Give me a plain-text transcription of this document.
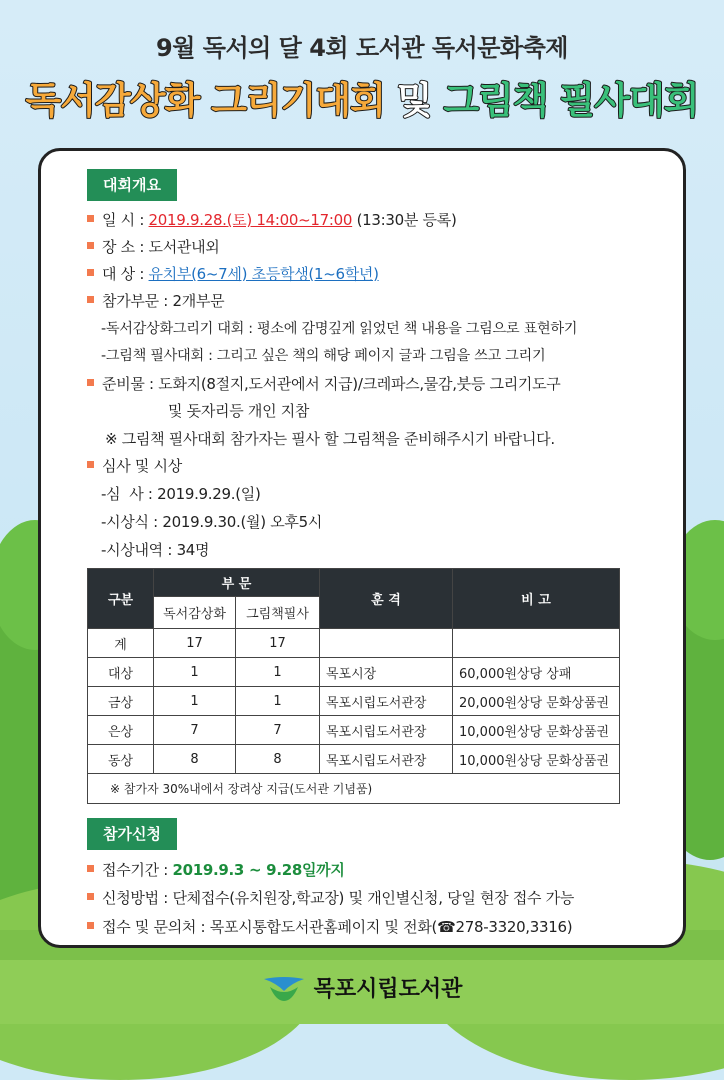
9월 독서의 달 4회 도서관 독서문화축제
독서감상화 그리기대회 및 그림책 필사대회
대회개요
일 시 : 2019.9.28.(토) 14:00~17:00 (13:30분 등록)
장 소 : 도서관내외
대 상 : 유치부(6~7세) 초등학생(1~6학년)
참가부문 : 2개부문
-독서감상화그리기 대회 : 평소에 감명깊게 읽었던 책 내용을 그림으로 표현하기
-그림책 필사대회 : 그리고 싶은 책의 해당 페이지 글과 그림을 쓰고 그리기
준비물 : 도화지(8절지,도서관에서 지급)/크레파스,물감,붓등 그리기도구
및 돗자리등 개인 지참
※ 그림책 필사대회 참가자는 필사 할 그림책을 준비해주시기 바랍니다.
심사 및 시상
-심  사 : 2019.9.29.(일)
-시상식 : 2019.9.30.(월) 오후5시
-시상내역 : 34명
구분	부 문		훈 격	비 고
	독서감상화	그림책필사		
계	17	17		
대상	1	1	목포시장	60,000원상당 상패
금상	1	1	목포시립도서관장	20,000원상당 문화상품권
은상	7	7	목포시립도서관장	10,000원상당 문화상품권
동상	8	8	목포시립도서관장	10,000원상당 문화상품권
※ 참가자 30%내에서 장려상 지급(도서관 기념품)				
참가신청
접수기간 : 2019.9.3 ~ 9.28일까지
신청방법 : 단체접수(유치원장,학교장) 및 개인별신청, 당일 현장 접수 가능
접수 및 문의처 : 목포시통합도서관홈페이지 및 전화(☎278-3320,3316)
목포시립도서관
